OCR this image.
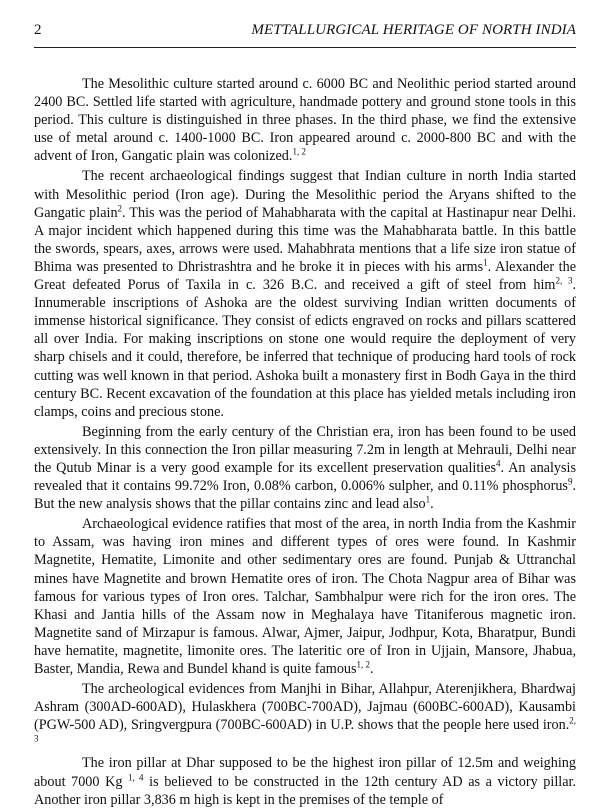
2	METTALLURGICAL HERITAGE OF NORTH INDIA

The Mesolithic culture started around c. 6000 BC and Neolithic period started around 2400 BC. Settled life started with agriculture, handmade pottery and ground stone tools in this period. This culture is distinguished in three phases. In the third phase, we find the extensive use of metal around c. 1400-1000 BC. Iron appeared around c. 2000-800 BC and with the advent of Iron, Gangatic plain was colonized.$^{1, 2}$

The recent archaeological findings suggest that Indian culture in north India started with Mesolithic period (Iron age). During the Mesolithic period the Aryans shifted to the Gangatic plain$^2$. This was the period of Mahabharata with the capital at Hastinapur near Delhi. A major incident which happened during this time was the Mahabharata battle. In this battle the swords, spears, axes, arrows were used. Mahabhrata mentions that a life size iron statue of Bhima was presented to Dhristrashtra and he broke it in pieces with his arms$^1$. Alexander the Great defeated Porus of Taxila in c. 326 B.C. and received a gift of steel from him$^{2, 3}$. Innumerable inscriptions of Ashoka are the oldest surviving Indian written documents of immense historical significance. They consist of edicts engraved on rocks and pillars scattered all over India. For making inscriptions on stone one would require the deployment of very sharp chisels and it could, therefore, be inferred that technique of producing hard tools of rock cutting was well known in that period. Ashoka built a monastery first in Bodh Gaya in the third century BC. Recent excavation of the foundation at this place has yielded metals including iron clamps, coins and precious stone.

Beginning from the early century of the Christian era, iron has been found to be used extensively. In this connection the Iron pillar measuring 7.2m in length at Mehrauli, Delhi near the Qutub Minar is a very good example for its excellent preservation qualities$^4$. An analysis revealed that it contains 99.72% Iron, 0.08% carbon, 0.006% sulpher, and 0.11% phosphorus$^9$. But the new analysis shows that the pillar contains zinc and lead also$^1$.

Archaeological evidence ratifies that most of the area, in north India from the Kashmir to Assam, was having iron mines and different types of ores were found. In Kashmir Magnetite, Hematite, Limonite and other sedimentary ores are found. Punjab & Uttranchal mines have Magnetite and brown Hematite ores of iron. The Chota Nagpur area of Bihar was famous for various types of Iron ores. Talchar, Sambhalpur were rich for the iron ores. The Khasi and Jantia hills of the Assam now in Meghalaya have Titaniferous magnetic iron. Magnetite sand of Mirzapur is famous. Alwar, Ajmer, Jaipur, Jodhpur, Kota, Bharatpur, Bundi have hematite, magnetite, limonite ores. The lateritic ore of Iron in Ujjain, Mansore, Jhabua, Baster, Mandia, Rewa and Bundel khand is quite famous$^{1, 2}$.

The archeological evidences from Manjhi in Bihar, Allahpur, Aterenjikhera, Bhardwaj Ashram (300AD-600AD), Hulaskhera (700BC-700AD), Jajmau (600BC-600AD), Kausambi (PGW-500 AD), Sringvergpura (700BC-600AD) in U.P. shows that the people here used iron.$^{2, 3}$

The iron pillar at Dhar supposed to be the highest iron pillar of 12.5m and weighing about 7000 Kg $^{1, 4}$ is believed to be constructed in the 12th century AD as a victory pillar. Another iron pillar 3,836 m high is kept in the premises of the temple of
